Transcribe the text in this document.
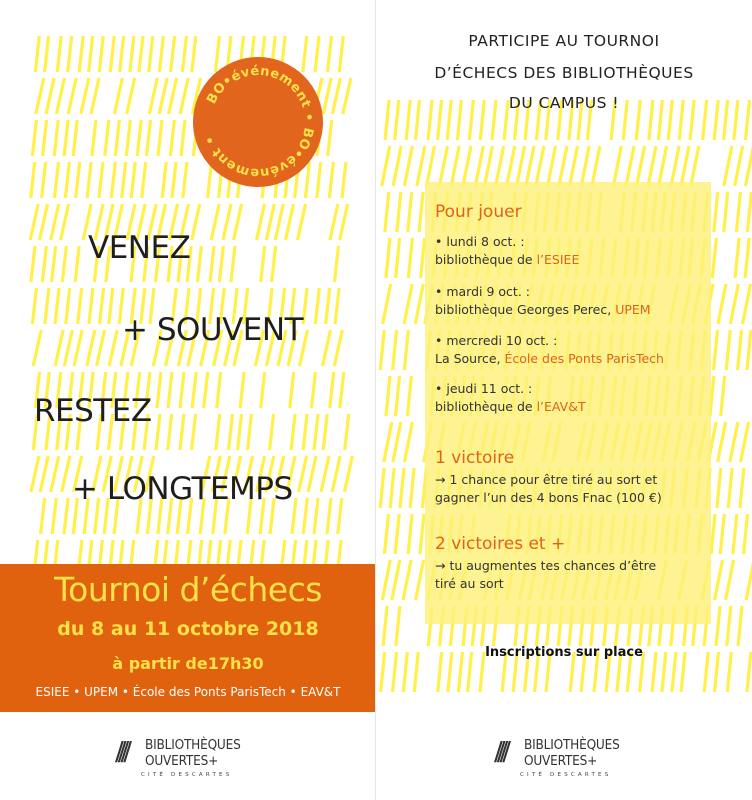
BO•événement • BO•événement •
VENEZ
+ SOUVENT
RESTEZ
+ LONGTEMPS
Tournoi d’échecs
du 8 au 11 octobre 2018
à partir de17h30
ESIEE • UPEM • École des Ponts ParisTech • EAV&T
//// BIBLIOTHÈQUES
OUVERTES+
CITÉ DESCARTES
PARTICIPE AU TOURNOI
D’ÉCHECS DES BIBLIOTHÈQUES
DU CAMPUS !
Pour jouer
• lundi 8 oct. :
bibliothèque de l’ESIEE
• mardi 9 oct. :
bibliothèque Georges Perec, UPEM
• mercredi 10 oct. :
La Source, École des Ponts ParisTech
• jeudi 11 oct. :
bibliothèque de l’EAV&T
1 victoire
→ 1 chance pour être tiré au sort et
gagner l’un des 4 bons Fnac (100 €)
2 victoires et +
→ tu augmentes tes chances d’être
tiré au sort
Inscriptions sur place
//// BIBLIOTHÈQUES
OUVERTES+
CITÉ DESCARTES
